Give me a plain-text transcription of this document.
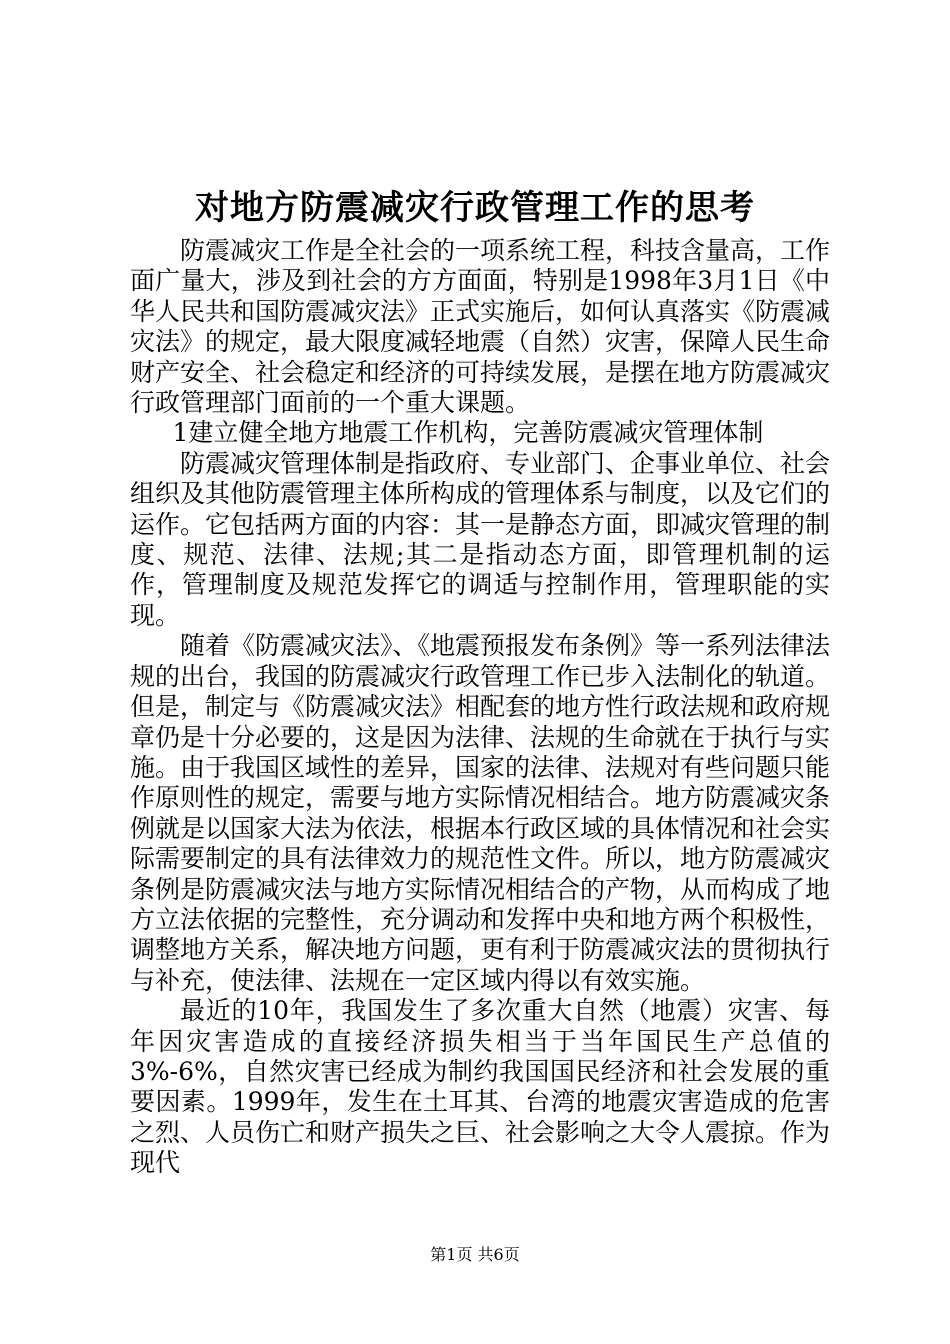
对地方防震减灾行政管理工作的思考

防震减灾工作是全社会的一项系统工程，科技含量高，工作面广量大，涉及到社会的方方面面，特别是1998年3月1日《中华人民共和国防震减灾法》正式实施后，如何认真落实《防震减灾法》的规定，最大限度减轻地震（自然）灾害，保障人民生命财产安全、社会稳定和经济的可持续发展，是摆在地方防震减灾行政管理部门面前的一个重大课题。

1建立健全地方地震工作机构，完善防震减灾管理体制

防震减灾管理体制是指政府、专业部门、企事业单位、社会组织及其他防震管理主体所构成的管理体系与制度，以及它们的运作。它包括两方面的内容：其一是静态方面，即减灾管理的制度、规范、法律、法规;其二是指动态方面，即管理机制的运作，管理制度及规范发挥它的调适与控制作用，管理职能的实现。

随着《防震减灾法》、《地震预报发布条例》等一系列法律法规的出台，我国的防震减灾行政管理工作已步入法制化的轨道。但是，制定与《防震减灾法》相配套的地方性行政法规和政府规章仍是十分必要的，这是因为法律、法规的生命就在于执行与实施。由于我国区域性的差异，国家的法律、法规对有些问题只能作原则性的规定，需要与地方实际情况相结合。地方防震减灾条例就是以国家大法为依法，根据本行政区域的具体情况和社会实际需要制定的具有法律效力的规范性文件。所以，地方防震减灾条例是防震减灾法与地方实际情况相结合的产物，从而构成了地方立法依据的完整性，充分调动和发挥中央和地方两个积极性，调整地方关系，解决地方问题，更有利于防震减灾法的贯彻执行与补充，使法律、法规在一定区域内得以有效实施。

最近的10年，我国发生了多次重大自然（地震）灾害、每年因灾害造成的直接经济损失相当于当年国民生产总值的3%-6%，自然灾害已经成为制约我国国民经济和社会发展的重要因素。1999年，发生在土耳其、台湾的地震灾害造成的危害之烈、人员伤亡和财产损失之巨、社会影响之大令人震掠。作为现代

第1页 共6页
